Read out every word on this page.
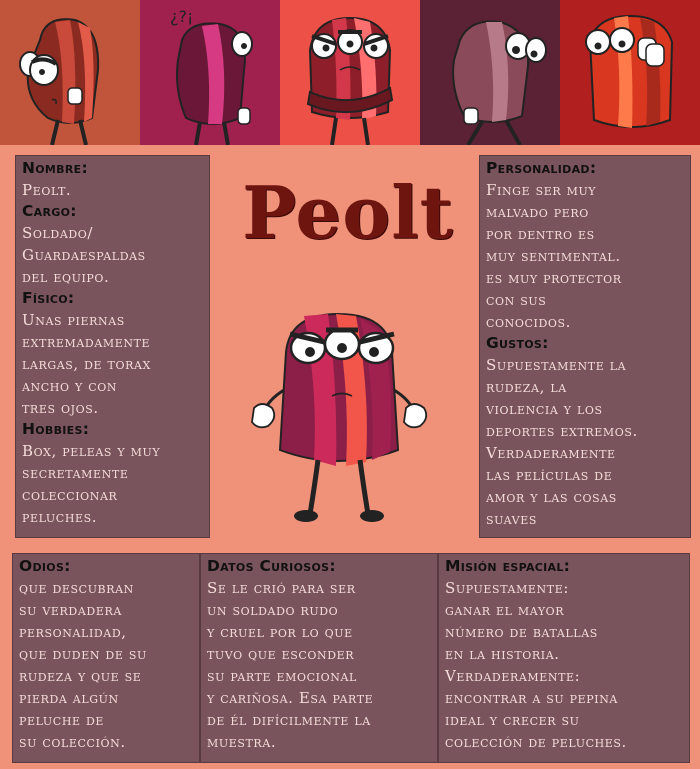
¿?¡
Nombre:
Peolt.
Cargo:
Soldado/
Guardaespaldas
del equipo.
Físico:
Unas piernas
extremadamente
largas, de torax
ancho y con
tres ojos.
Hobbies:
Box, peleas y muy
secretamente
coleccionar
peluches.
Peolt
Personalidad:
Finge ser muy
malvado pero
por dentro es
muy sentimental.
es muy protector
con sus
conocidos.
Gustos:
Supuestamente la
rudeza, la
violencia y los
deportes extremos.
Verdaderamente
las películas de
amor y las cosas
suaves
Odios:
que descubran
su verdadera
personalidad,
que duden de su
rudeza y que se
pierda algún
peluche de
su colección.
Datos Curiosos:
Se le crió para ser
un soldado rudo
y cruel por lo que
tuvo que esconder
su parte emocional
y cariñosa. Esa parte
de él difícilmente la
muestra.
Misión espacial:
Supuestamente:
ganar el mayor
número de batallas
en la historia.
Verdaderamente:
encontrar a su pepina
ideal y crecer su
colección de peluches.
